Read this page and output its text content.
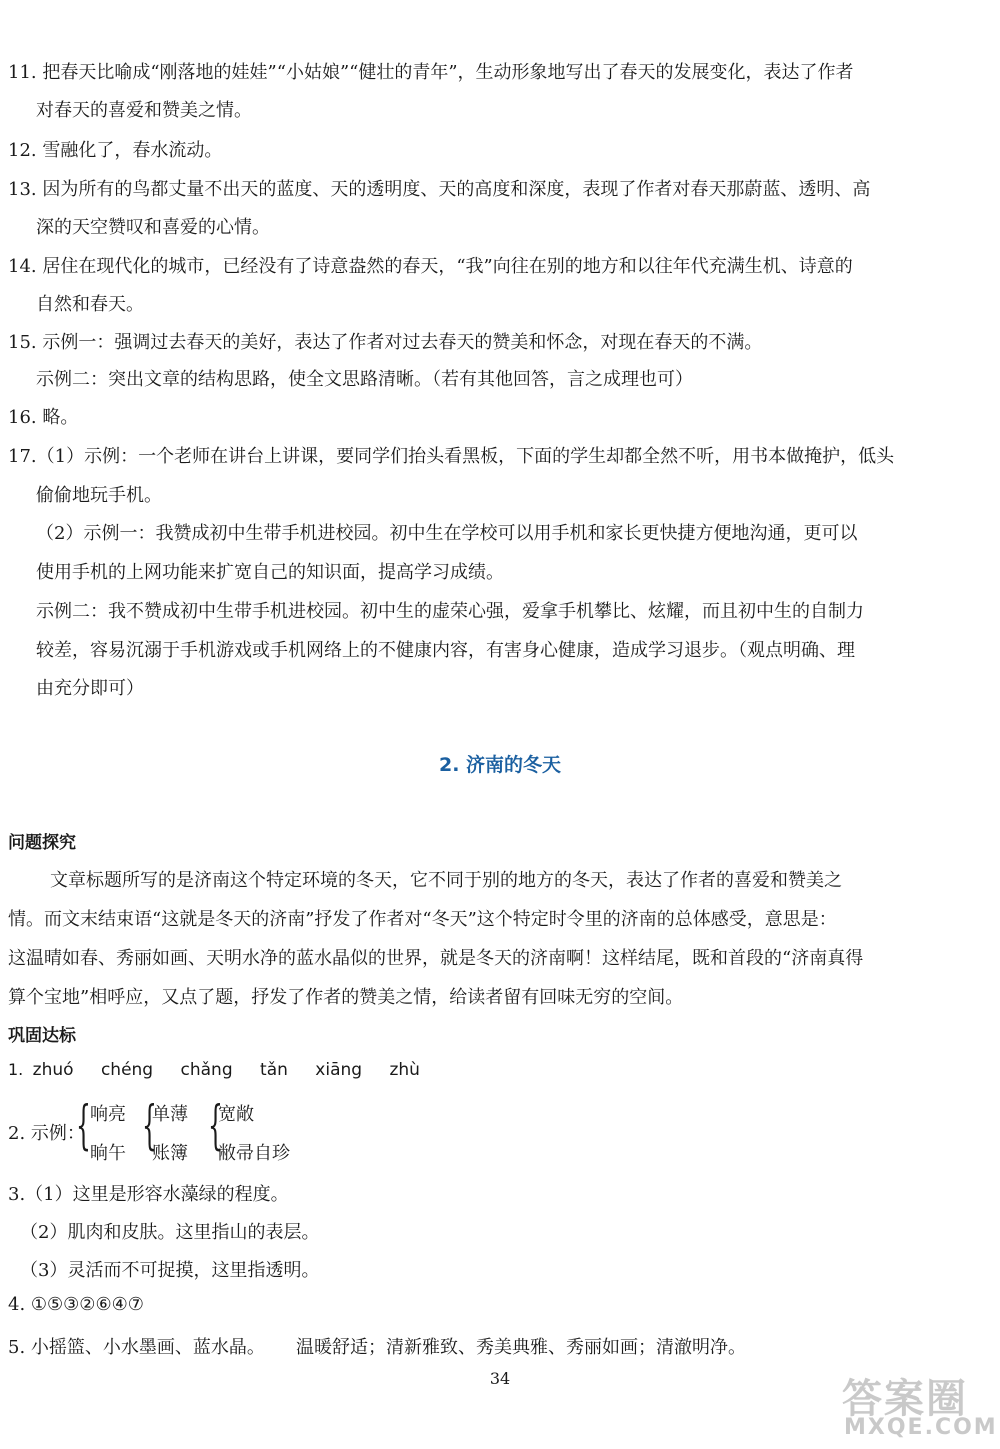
11. 把春天比喻成“刚落地的娃娃”“小姑娘”“健壮的青年”，生动形象地写出了春天的发展变化，表达了作者
对春天的喜爱和赞美之情。
12. 雪融化了，春水流动。
13. 因为所有的鸟都丈量不出天的蓝度、天的透明度、天的高度和深度，表现了作者对春天那蔚蓝、透明、高
深的天空赞叹和喜爱的心情。
14. 居住在现代化的城市，已经没有了诗意盎然的春天，“我”向往在别的地方和以往年代充满生机、诗意的
自然和春天。
15. 示例一：强调过去春天的美好，表达了作者对过去春天的赞美和怀念，对现在春天的不满。
示例二：突出文章的结构思路，使全文思路清晰。（若有其他回答，言之成理也可）
16. 略。
17.（1）示例：一个老师在讲台上讲课，要同学们抬头看黑板，下面的学生却都全然不听，用书本做掩护，低头
偷偷地玩手机。
（2）示例一：我赞成初中生带手机进校园。初中生在学校可以用手机和家长更快捷方便地沟通，更可以
使用手机的上网功能来扩宽自己的知识面，提高学习成绩。
示例二：我不赞成初中生带手机进校园。初中生的虚荣心强，爱拿手机攀比、炫耀，而且初中生的自制力
较差，容易沉溺于手机游戏或手机网络上的不健康内容，有害身心健康，造成学习退步。（观点明确、理
由充分即可）
2. 济南的冬天
问题探究
文章标题所写的是济南这个特定环境的冬天，它不同于别的地方的冬天，表达了作者的喜爱和赞美之
情。而文末结束语“这就是冬天的济南”抒发了作者对“冬天”这个特定时令里的济南的总体感受，意思是：
这温晴如春、秀丽如画、天明水净的蓝水晶似的世界，就是冬天的济南啊！这样结尾，既和首段的“济南真得
算个宝地”相呼应，又点了题，抒发了作者的赞美之情，给读者留有回味无穷的空间。
巩固达标
1. zhuó chéng chǎng tǎn xiāng zhù
2. 示例：
{ 响亮
晌午 {
单薄
账簿 {
宽敞
敝帚自珍
3.（1）这里是形容水藻绿的程度。
（2）肌肉和皮肤。这里指山的表层。
（3）灵活而不可捉摸，这里指透明。
4. ①⑤③②⑥④⑦
5. 小摇篮、小水墨画、蓝水晶。 温暖舒适；清新雅致、秀美典雅、秀丽如画；清澈明净。
34	答案圈
MXQE.COM
